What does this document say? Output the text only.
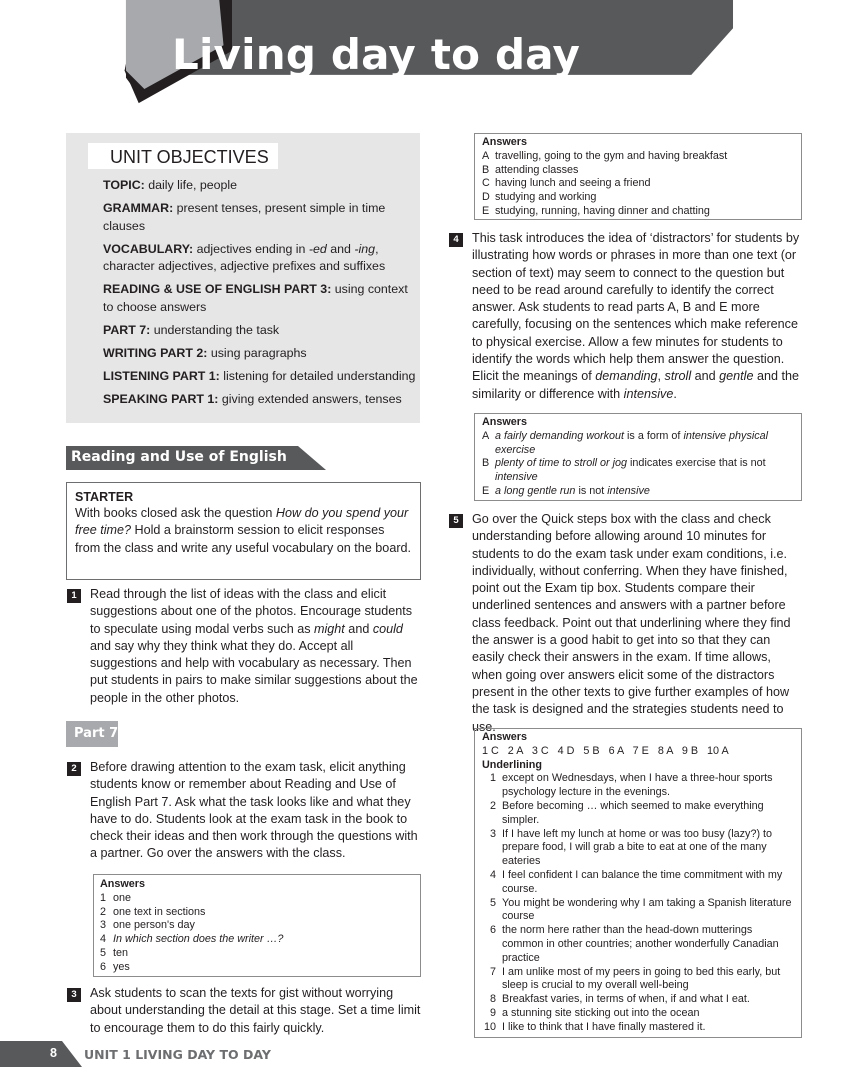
1 Living day to day
UNIT OBJECTIVES
TOPIC: daily life, people
GRAMMAR: present tenses, present simple in time clauses
VOCABULARY: adjectives ending in -ed and -ing, character adjectives, adjective prefixes and suffixes
READING & USE OF ENGLISH PART 3: using context to choose answers
PART 7: understanding the task
WRITING PART 2: using paragraphs
LISTENING PART 1: listening for detailed understanding
SPEAKING PART 1: giving extended answers, tenses
Reading and Use of English
STARTER
With books closed ask the question How do you spend your free time? Hold a brainstorm session to elicit responses from the class and write any useful vocabulary on the board.
1	Read through the list of ideas with the class and elicit suggestions about one of the photos. Encourage students to speculate using modal verbs such as might and could and say why they think what they do. Accept all suggestions and help with vocabulary as necessary. Then put students in pairs to make similar suggestions about the people in the other photos.
Part 7
2	Before drawing attention to the exam task, elicit anything students know or remember about Reading and Use of English Part 7. Ask what the task looks like and what they have to do. Students look at the exam task in the book to check their ideas and then work through the questions with a partner. Go over the answers with the class.
Answers
1 one
2 one text in sections
3 one person's day
4 In which section does the writer …?
5 ten
6 yes
3	Ask students to scan the texts for gist without worrying about understanding the detail at this stage. Set a time limit to encourage them to do this fairly quickly.
Answers
A travelling, going to the gym and having breakfast
B attending classes
C having lunch and seeing a friend
D studying and working
E studying, running, having dinner and chatting
4	This task introduces the idea of ‘distractors’ for students by illustrating how words or phrases in more than one text (or section of text) may seem to connect to the question but need to be read around carefully to identify the correct answer. Ask students to read parts A, B and E more carefully, focusing on the sentences which make reference to physical exercise. Allow a few minutes for students to identify the words which help them answer the question. Elicit the meanings of demanding, stroll and gentle and the similarity or difference with intensive.
Answers
A a fairly demanding workout is a form of intensive physical exercise
B plenty of time to stroll or jog indicates exercise that is not intensive
E a long gentle run is not intensive
5	Go over the Quick steps box with the class and check understanding before allowing around 10 minutes for students to do the exam task under exam conditions, i.e. individually, without conferring. When they have finished, point out the Exam tip box. Students compare their underlined sentences and answers with a partner before class feedback. Point out that underlining where they find the answer is a good habit to get into so that they can easily check their answers in the exam. If time allows, when going over answers elicit some of the distractors present in the other texts to give further examples of how the task is designed and the strategies students need to use.
Answers
1 C   2 A   3 C   4 D   5 B   6 A   7 E   8 A   9 B   10 A
Underlining
1 except on Wednesdays, when I have a three-hour sports psychology lecture in the evenings.
2 Before becoming … which seemed to make everything simpler.
3 If I have left my lunch at home or was too busy (lazy?) to prepare food, I will grab a bite to eat at one of the many eateries
4 I feel confident I can balance the time commitment with my course.
5 You might be wondering why I am taking a Spanish literature course
6 the norm here rather than the head-down mutterings common in other countries; another wonderfully Canadian practice
7 I am unlike most of my peers in going to bed this early, but sleep is crucial to my overall well-being
8 Breakfast varies, in terms of when, if and what I eat.
9 a stunning site sticking out into the ocean
10 I like to think that I have finally mastered it.
8 UNIT 1 LIVING DAY TO DAY
